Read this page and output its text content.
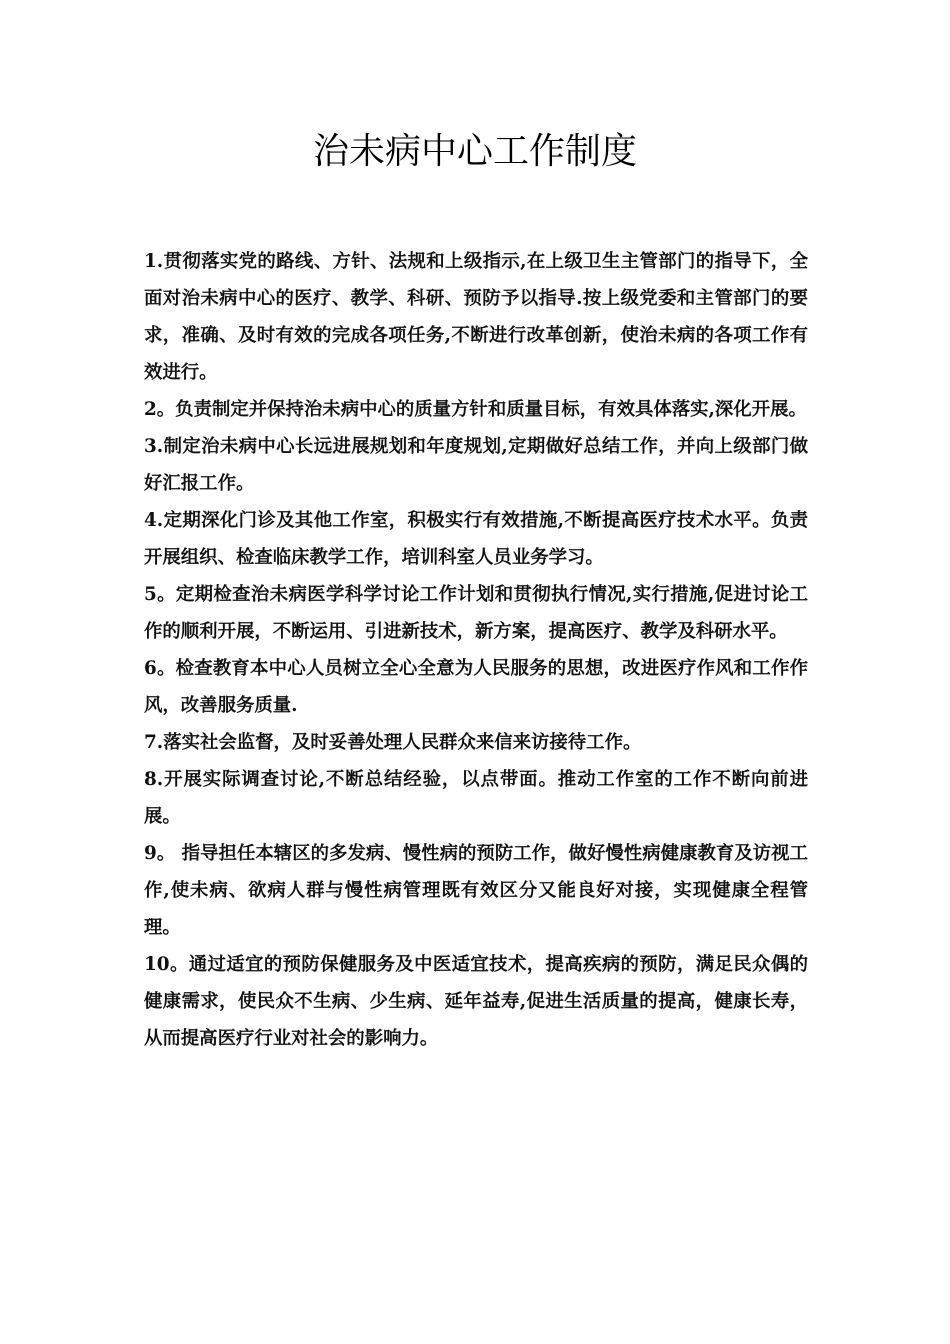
治未病中心工作制度

1.贯彻落实党的路线、方针、法规和上级指示,在上级卫生主管部门的指导下，全面对治未病中心的医疗、教学、科研、预防予以指导.按上级党委和主管部门的要求，准确、及时有效的完成各项任务,不断进行改革创新，使治未病的各项工作有效进行。

2。负责制定并保持治未病中心的质量方针和质量目标，有效具体落实,深化开展。

3.制定治未病中心长远进展规划和年度规划,定期做好总结工作，并向上级部门做好汇报工作。

4.定期深化门诊及其他工作室，积极实行有效措施,不断提高医疗技术水平。负责开展组织、检查临床教学工作，培训科室人员业务学习。

5。定期检查治未病医学科学讨论工作计划和贯彻执行情况,实行措施,促进讨论工作的顺利开展，不断运用、引进新技术，新方案，提高医疗、教学及科研水平。

6。检查教育本中心人员树立全心全意为人民服务的思想，改进医疗作风和工作作风，改善服务质量.

7.落实社会监督，及时妥善处理人民群众来信来访接待工作。

8.开展实际调查讨论,不断总结经验，以点带面。推动工作室的工作不断向前进展。

9。 指导担任本辖区的多发病、慢性病的预防工作，做好慢性病健康教育及访视工作,使未病、欲病人群与慢性病管理既有效区分又能良好对接，实现健康全程管理。

10。通过适宜的预防保健服务及中医适宜技术，提高疾病的预防，满足民众偶的健康需求，使民众不生病、少生病、延年益寿,促进生活质量的提高，健康长寿，从而提高医疗行业对社会的影响力。
